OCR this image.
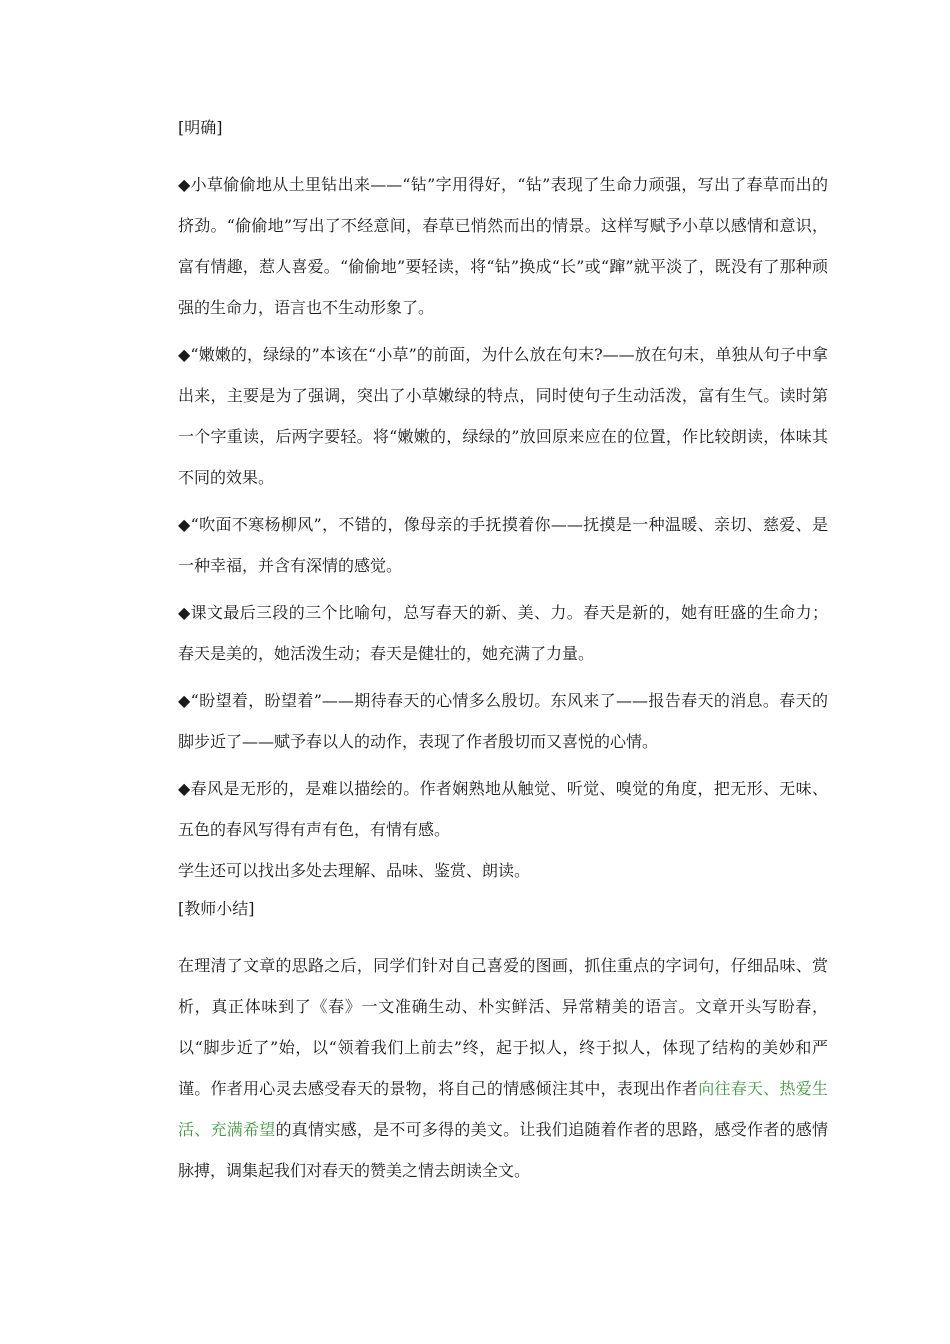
[明确]

◆小草偷偷地从土里钻出来——“钻”字用得好，“钻”表现了生命力顽强，写出了春草而出的挤劲。“偷偷地”写出了不经意间，春草已悄然而出的情景。这样写赋予小草以感情和意识，富有情趣，惹人喜爱。“偷偷地”要轻读，将“钻”换成“长”或“蹿”就平淡了，既没有了那种顽强的生命力，语言也不生动形象了。

◆“嫩嫩的，绿绿的”本该在“小草”的前面，为什么放在句末?——放在句末，单独从句子中拿出来，主要是为了强调，突出了小草嫩绿的特点，同时使句子生动活泼，富有生气。读时第一个字重读，后两字要轻。将“嫩嫩的，绿绿的”放回原来应在的位置，作比较朗读，体味其不同的效果。

◆“吹面不寒杨柳风”，不错的，像母亲的手抚摸着你——抚摸是一种温暖、亲切、慈爱、是一种幸福，并含有深情的感觉。

◆课文最后三段的三个比喻句，总写春天的新、美、力。春天是新的，她有旺盛的生命力；春天是美的，她活泼生动；春天是健壮的，她充满了力量。

◆“盼望着，盼望着”——期待春天的心情多么殷切。东风来了——报告春天的消息。春天的脚步近了——赋予春以人的动作，表现了作者殷切而又喜悦的心情。

◆春风是无形的，是难以描绘的。作者娴熟地从触觉、听觉、嗅觉的角度，把无形、无味、五色的春风写得有声有色，有情有感。

学生还可以找出多处去理解、品味、鉴赏、朗读。

[教师小结]

在理清了文章的思路之后，同学们针对自己喜爱的图画，抓住重点的字词句，仔细品味、赏析，真正体味到了《春》一文准确生动、朴实鲜活、异常精美的语言。文章开头写盼春，以“脚步近了”始，以“领着我们上前去”终，起于拟人，终于拟人，体现了结构的美妙和严谨。作者用心灵去感受春天的景物，将自己的情感倾注其中，表现出作者向往春天、热爱生活、充满希望的真情实感，是不可多得的美文。让我们追随着作者的思路，感受作者的感情脉搏，调集起我们对春天的赞美之情去朗读全文。
